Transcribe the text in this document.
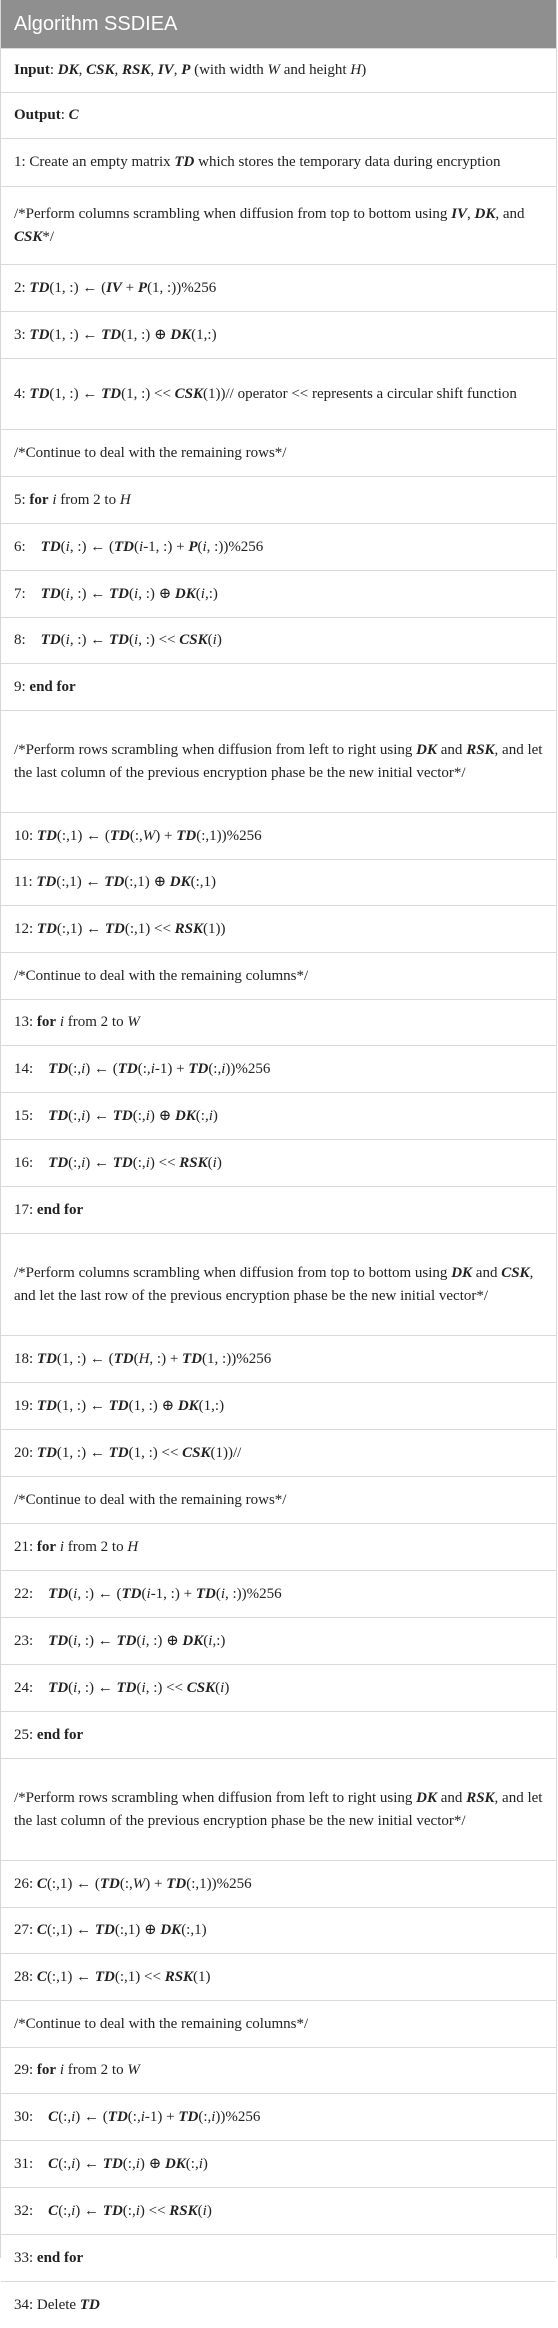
Algorithm SSDIEA
Input: DK, CSK, RSK, IV, P (with width W and height H)
Output: C
1: Create an empty matrix TD which stores the temporary data during encryption
/*Perform columns scrambling when diffusion from top to bottom using IV, DK, and CSK*/
2: TD(1, :) ← (IV + P(1, :))%256
3: TD(1, :) ← TD(1, :) ⊕ DK(1,:)
4: TD(1, :) ← TD(1, :) << CSK(1))// operator << represents a circular shift function
/*Continue to deal with the remaining rows*/
5: for i from 2 to H
6:    TD(i, :) ← (TD(i-1, :) + P(i, :))%256
7:    TD(i, :) ← TD(i, :) ⊕ DK(i,:)
8:    TD(i, :) ← TD(i, :) << CSK(i)
9: end for
/*Perform rows scrambling when diffusion from left to right using DK and RSK, and let the last column of the previous encryption phase be the new initial vector*/
10: TD(:,1) ← (TD(:,W) + TD(:,1))%256
11: TD(:,1) ← TD(:,1) ⊕ DK(:,1)
12: TD(:,1) ← TD(:,1) << RSK(1))
/*Continue to deal with the remaining columns*/
13: for i from 2 to W
14:    TD(:,i) ← (TD(:,i-1) + TD(:,i))%256
15:    TD(:,i) ← TD(:,i) ⊕ DK(:,i)
16:    TD(:,i) ← TD(:,i) << RSK(i)
17: end for
/*Perform columns scrambling when diffusion from top to bottom using DK and CSK, and let the last row of the previous encryption phase be the new initial vector*/
18: TD(1, :) ← (TD(H, :) + TD(1, :))%256
19: TD(1, :) ← TD(1, :) ⊕ DK(1,:)
20: TD(1, :) ← TD(1, :) << CSK(1))//
/*Continue to deal with the remaining rows*/
21: for i from 2 to H
22:    TD(i, :) ← (TD(i-1, :) + TD(i, :))%256
23:    TD(i, :) ← TD(i, :) ⊕ DK(i,:)
24:    TD(i, :) ← TD(i, :) << CSK(i)
25: end for
/*Perform rows scrambling when diffusion from left to right using DK and RSK, and let the last column of the previous encryption phase be the new initial vector*/
26: C(:,1) ← (TD(:,W) + TD(:,1))%256
27: C(:,1) ← TD(:,1) ⊕ DK(:,1)
28: C(:,1) ← TD(:,1) << RSK(1)
/*Continue to deal with the remaining columns*/
29: for i from 2 to W
30:    C(:,i) ← (TD(:,i-1) + TD(:,i))%256
31:    C(:,i) ← TD(:,i) ⊕ DK(:,i)
32:    C(:,i) ← TD(:,i) << RSK(i)
33: end for
34: Delete TD
